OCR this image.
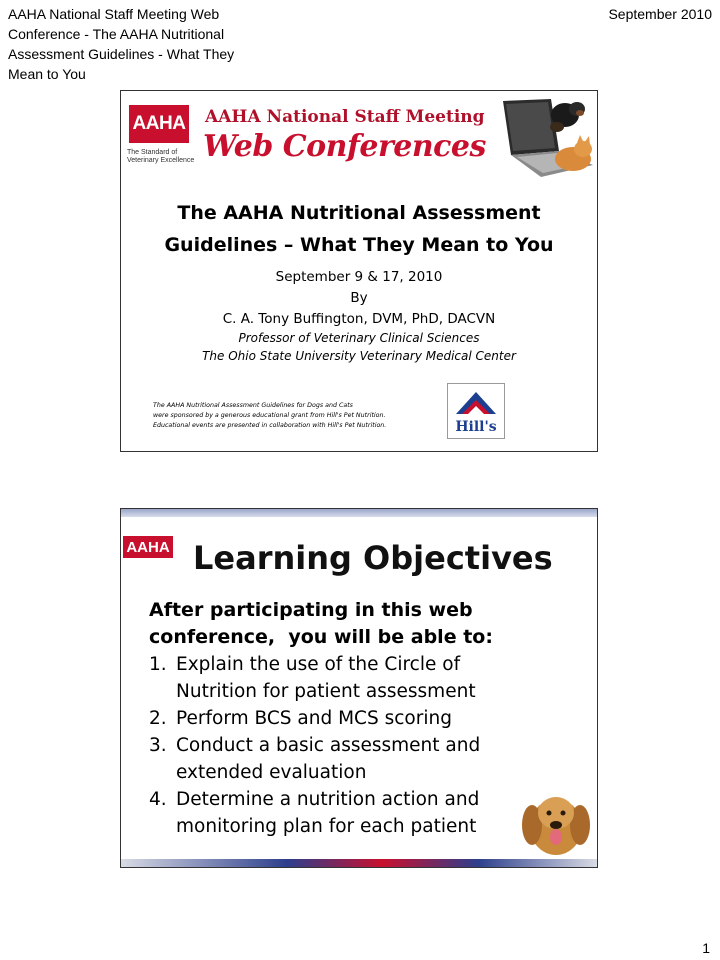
AAHA National Staff Meeting Web
Conference - The AAHA Nutritional
Assessment Guidelines - What They
Mean to You
September 2010
AAHA
The Standard of Veterinary Excellence
AAHA National Staff Meeting
Web Conferences
The AAHA Nutritional Assessment
Guidelines – What They Mean to You
September 9 & 17, 2010
By
C. A. Tony Buffington, DVM, PhD, DACVN
Professor of Veterinary Clinical Sciences
The Ohio State University Veterinary Medical Center
The AAHA Nutritional Assessment Guidelines for Dogs and Cats
were sponsored by a generous educational grant from Hill's Pet Nutrition.
Educational events are presented in collaboration with Hill's Pet Nutrition.	Hill's
AAHA Learning Objectives
After participating in this web
conference,  you will be able to:
1. Explain the use of the Circle of
Nutrition for patient assessment
2. Perform BCS and MCS scoring
3. Conduct a basic assessment and
extended evaluation
4. Determine a nutrition action and
monitoring plan for each patient
1
